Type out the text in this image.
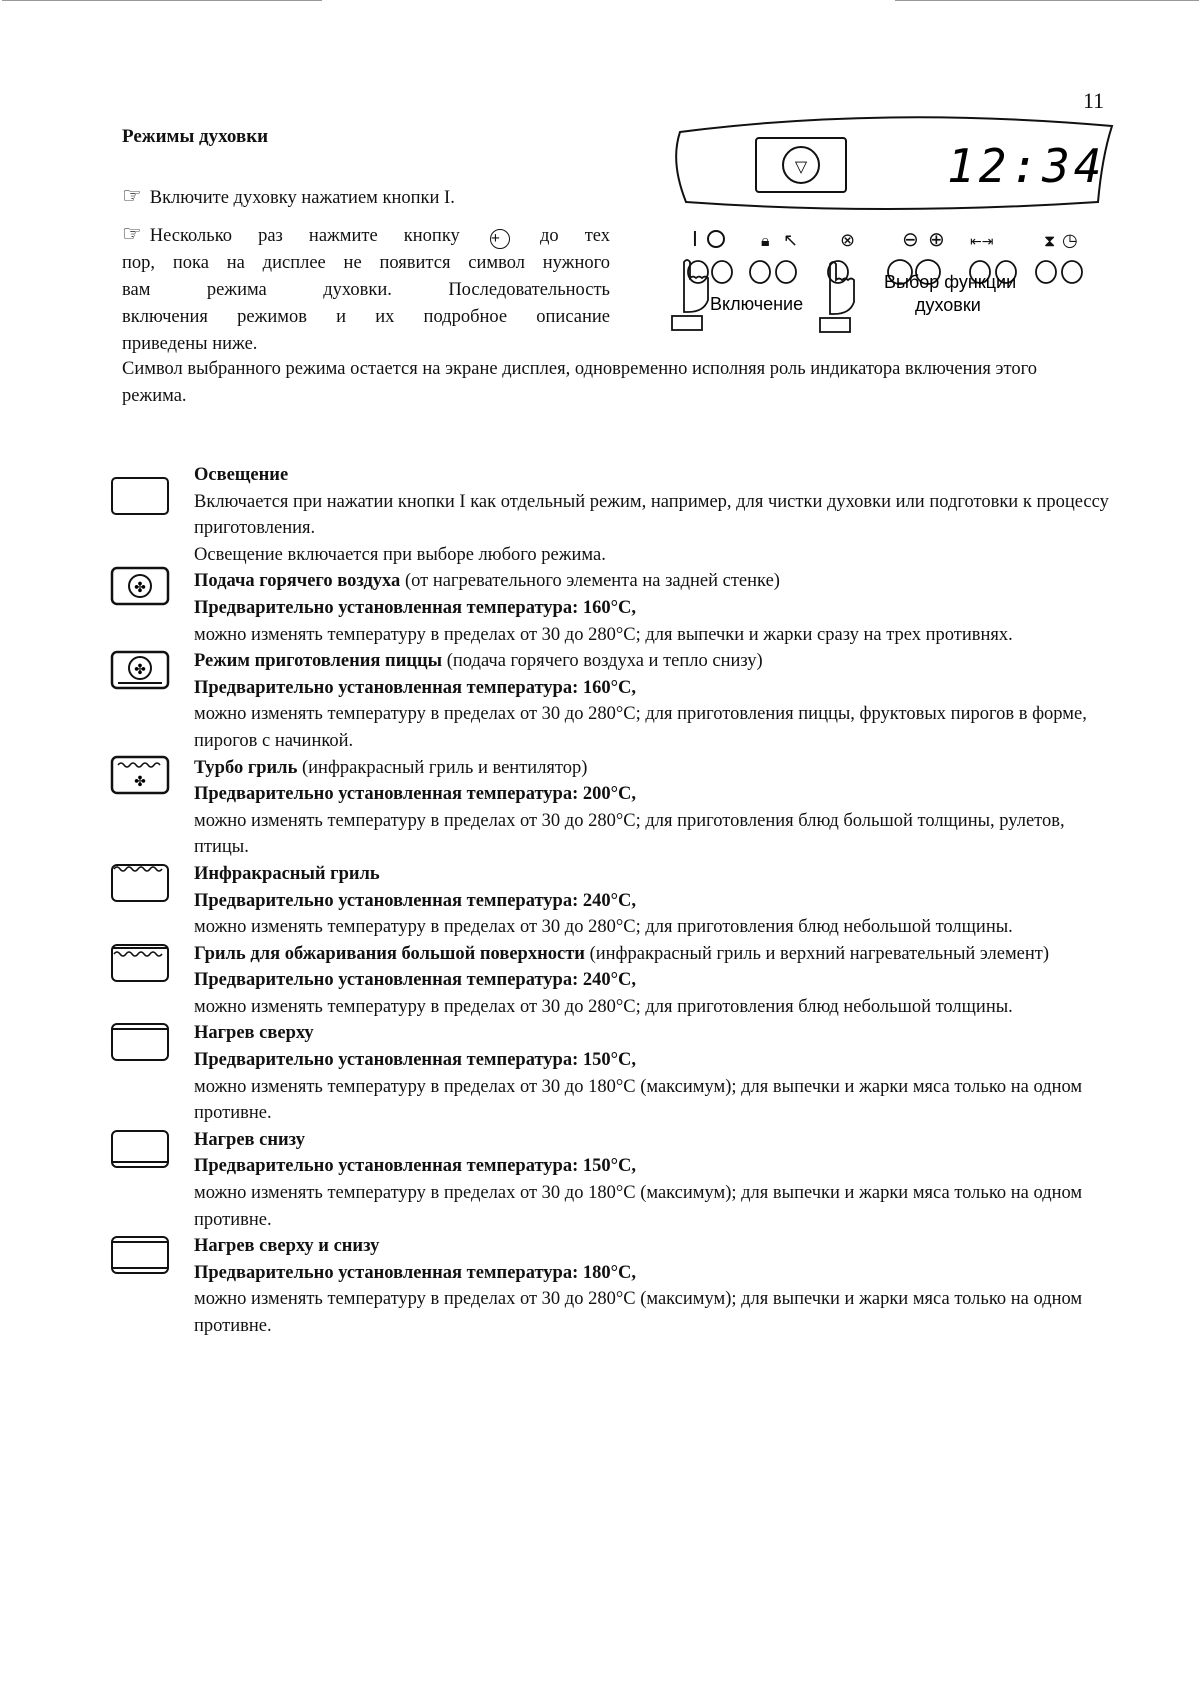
11
Режимы духовки
☞ Включите духовку нажатием кнопки I.

☞ Несколько раз нажмите кнопку + до тех

пор, пока на дисплее не появится символ нужного

вам режима духовки. Последовательность

включения режимов и их подробное описание

приведены ниже.

▽	12:34
I	🔒︎ ↖ ⊗ ⊖ ⊕ ⇤⇥	⧗ ◷
Включение
Выбор функции
духовки
Символ выбранного режима остается на экране дисплея, одновременно исполняя роль индикатора включения этого режима.

Освещение

Включается при нажатии кнопки I как отдельный режим, например, для чистки духовки или подготовки к процессу приготовления.

Освещение включается при выборе любого режима.

✤	Подача горячего воздуха (от нагревательного элемента на задней стенке)

Предварительно установленная температура: 160°С,

можно изменять температуру в пределах от 30 до 280°С; для выпечки и жарки сразу на трех противнях.

✤	Режим приготовления пиццы (подача горячего воздуха и тепло снизу)

Предварительно установленная температура: 160°С,

можно изменять температуру в пределах от 30 до 280°С; для приготовления пиццы, фруктовых пирогов в форме, пирогов с начинкой.

✤

Турбо гриль (инфракрасный гриль и вентилятор)

Предварительно установленная температура: 200°С,

можно изменять температуру в пределах от 30 до 280°С; для приготовления блюд большой толщины, рулетов, птицы.

Инфракрасный гриль

Предварительно установленная температура: 240°С,

можно изменять температуру в пределах от 30 до 280°С; для приготовления блюд небольшой толщины.

Гриль для обжаривания большой поверхности (инфракрасный гриль и верхний нагревательный элемент)

Предварительно установленная температура: 240°С,

можно изменять температуру в пределах от 30 до 280°С; для приготовления блюд небольшой толщины.

Нагрев сверху

Предварительно установленная температура: 150°С,

можно изменять температуру в пределах от 30 до 180°С (максимум); для выпечки и жарки мяса только на одном противне.

Нагрев снизу

Предварительно установленная температура: 150°С,

можно изменять температуру в пределах от 30 до 180°С (максимум); для выпечки и жарки мяса только на одном противне.

Нагрев сверху и снизу

Предварительно установленная температура: 180°С,

можно изменять температуру в пределах от 30 до 280°С (максимум); для выпечки и жарки мяса только на одном противне.
